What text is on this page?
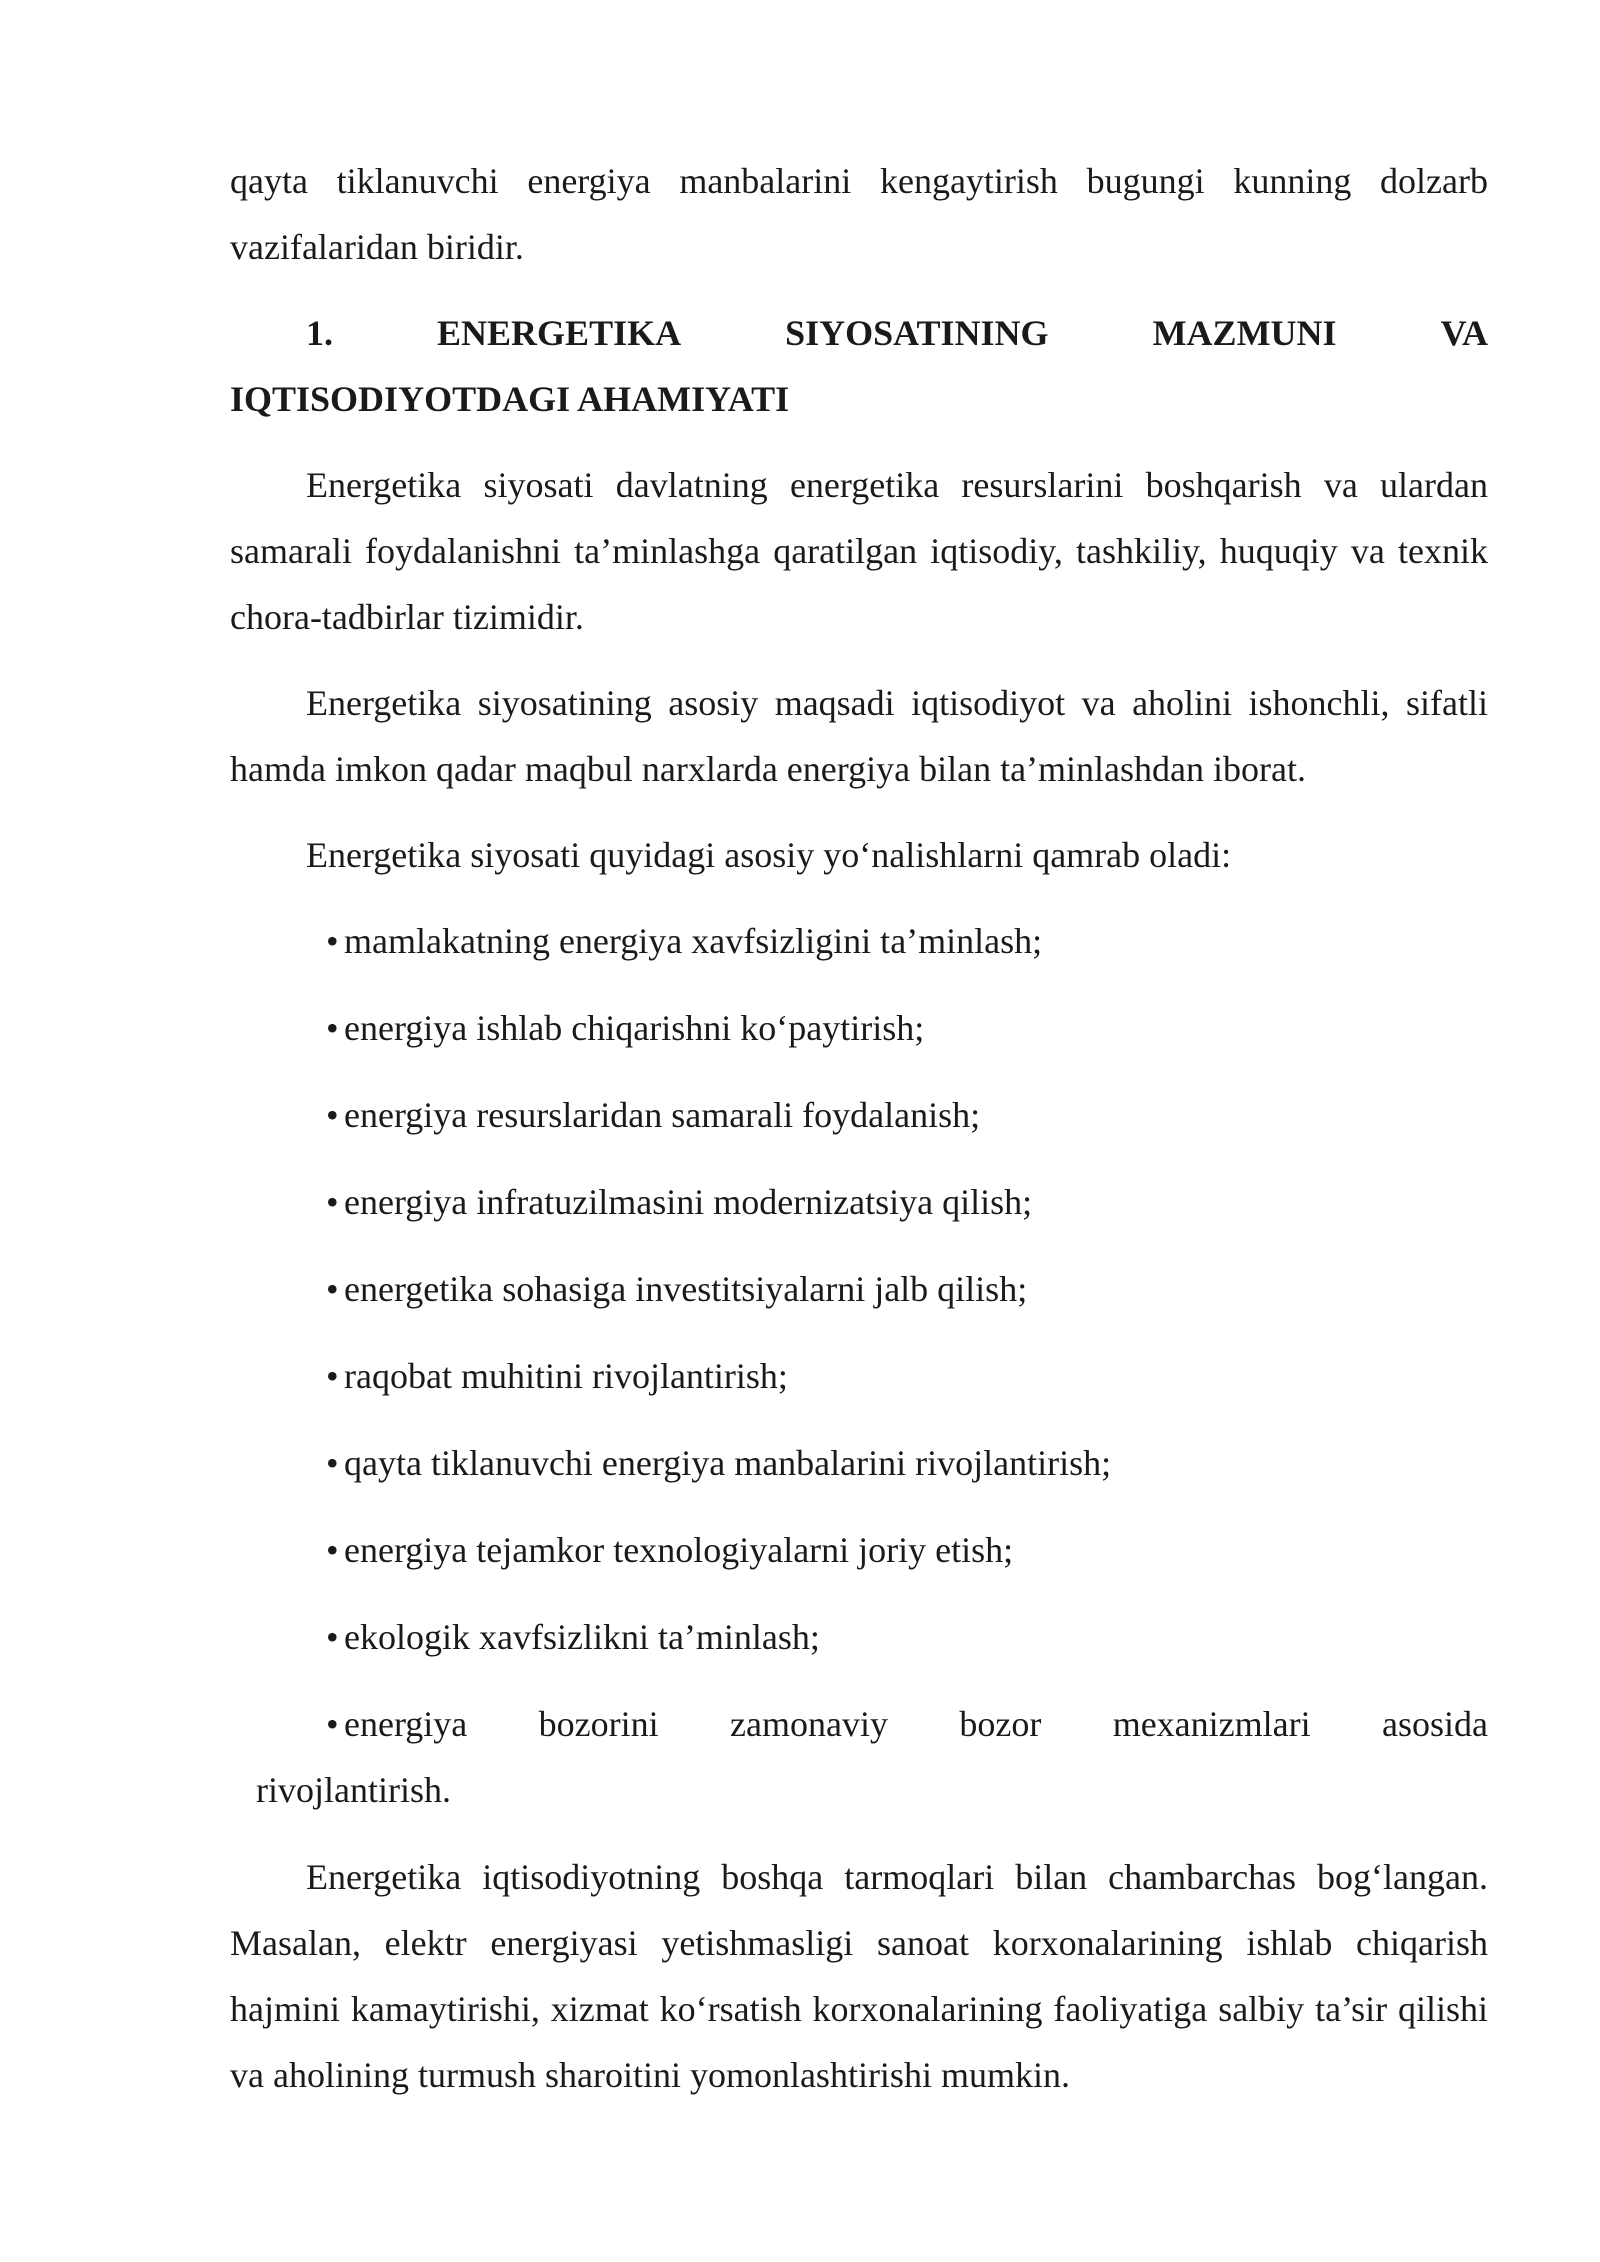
qayta tiklanuvchi energiya manbalarini kengaytirish bugungi kunning dolzarb vazifalaridan biridir.

1.	ENERGETIKA	SIYOSATINING	MAZMUNI	VA
IQTISODIYOTDAGI AHAMIYATI

Energetika siyosati davlatning energetika resurslarini boshqarish va ulardan samarali foydalanishni ta’minlashga qaratilgan iqtisodiy, tashkiliy, huquqiy va texnik chora-tadbirlar tizimidir.

Energetika siyosatining asosiy maqsadi iqtisodiyot va aholini ishonchli, sifatli hamda imkon qadar maqbul narxlarda energiya bilan ta’minlashdan iborat.

Energetika siyosati quyidagi asosiy yo‘nalishlarni qamrab oladi:

• mamlakatning energiya xavfsizligini ta’minlash;
• energiya ishlab chiqarishni ko‘paytirish;
• energiya resurslaridan samarali foydalanish;
• energiya infratuzilmasini modernizatsiya qilish;
• energetika sohasiga investitsiyalarni jalb qilish;
• raqobat muhitini rivojlantirish;
• qayta tiklanuvchi energiya manbalarini rivojlantirish;
• energiya tejamkor texnologiyalarni joriy etish;
• ekologik xavfsizlikni ta’minlash;
• energiya bozorini zamonaviy bozor mexanizmlari asosida
rivojlantirish.

Energetika iqtisodiyotning boshqa tarmoqlari bilan chambarchas bog‘langan. Masalan, elektr energiyasi yetishmasligi sanoat korxonalarining ishlab chiqarish hajmini kamaytirishi, xizmat ko‘rsatish korxonalarining faoliyatiga salbiy ta’sir qilishi va aholining turmush sharoitini yomonlashtirishi mumkin.
